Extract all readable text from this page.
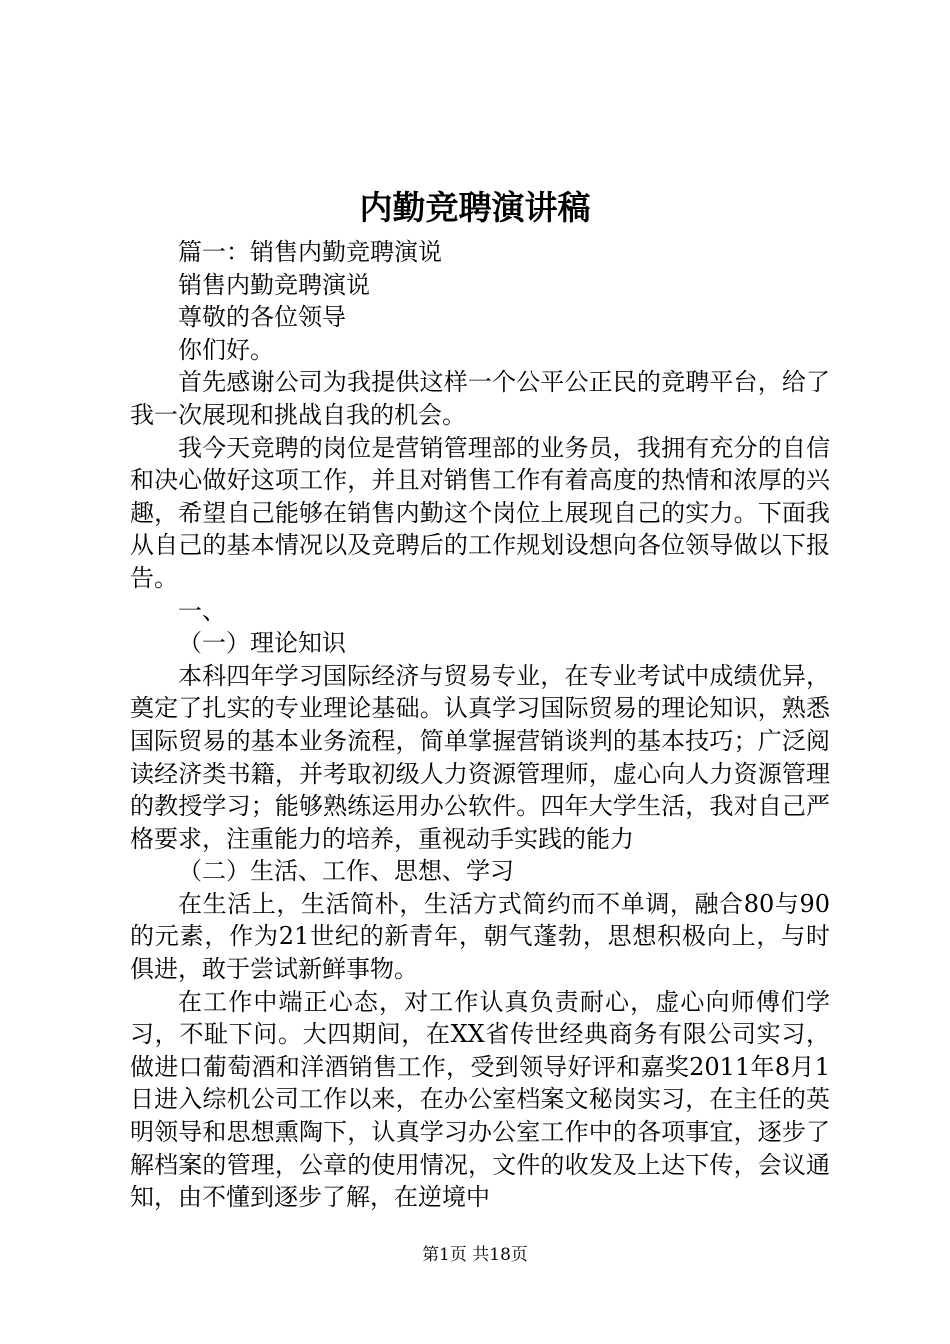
内勤竞聘演讲稿

篇一：销售内勤竞聘演说

销售内勤竞聘演说

尊敬的各位领导

你们好。

首先感谢公司为我提供这样一个公平公正民的竞聘平台，给了我一次展现和挑战自我的机会。

我今天竞聘的岗位是营销管理部的业务员，我拥有充分的自信和决心做好这项工作，并且对销售工作有着高度的热情和浓厚的兴趣，希望自己能够在销售内勤这个岗位上展现自己的实力。下面我从自己的基本情况以及竞聘后的工作规划设想向各位领导做以下报告。

一、

（一）理论知识

本科四年学习国际经济与贸易专业，在专业考试中成绩优异，奠定了扎实的专业理论基础。认真学习国际贸易的理论知识，熟悉国际贸易的基本业务流程，简单掌握营销谈判的基本技巧；广泛阅读经济类书籍，并考取初级人力资源管理师，虚心向人力资源管理的教授学习；能够熟练运用办公软件。四年大学生活，我对自己严格要求，注重能力的培养，重视动手实践的能力

（二）生活、工作、思想、学习

在生活上，生活简朴，生活方式简约而不单调，融合80与90的元素，作为21世纪的新青年，朝气蓬勃，思想积极向上，与时俱进，敢于尝试新鲜事物。

在工作中端正心态，对工作认真负责耐心，虚心向师傅们学习，不耻下问。大四期间，在XX省传世经典商务有限公司实习，做进口葡萄酒和洋酒销售工作，受到领导好评和嘉奖2011年8月1日进入综机公司工作以来，在办公室档案文秘岗实习，在主任的英明领导和思想熏陶下，认真学习办公室工作中的各项事宜，逐步了解档案的管理，公章的使用情况，文件的收发及上达下传，会议通知，由不懂到逐步了解，在逆境中

第1页 共18页
